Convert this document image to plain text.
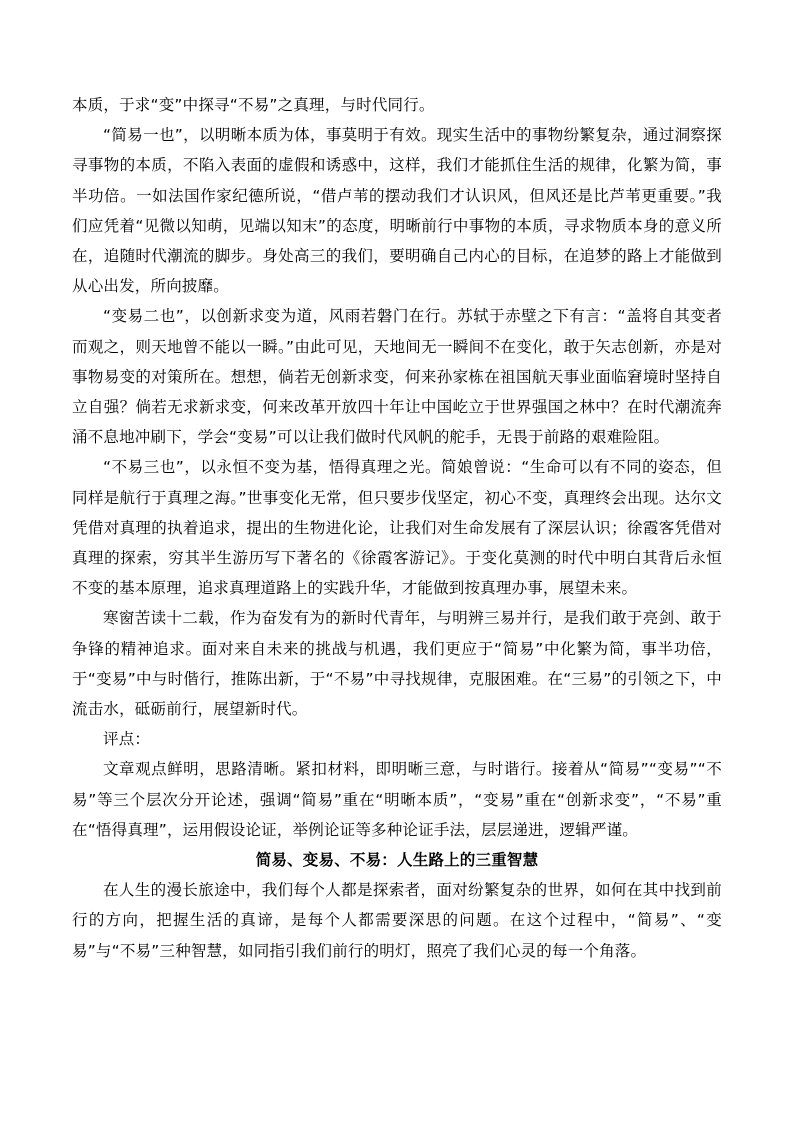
本质，于求“变”中探寻“不易”之真理，与时代同行。

“简易一也”，以明晰本质为体，事莫明于有效。现实生活中的事物纷繁复杂，通过洞察探寻事物的本质，不陷入表面的虚假和诱惑中，这样，我们才能抓住生活的规律，化繁为简，事半功倍。一如法国作家纪德所说，“借卢苇的摆动我们才认识风，但风还是比芦苇更重要。”我们应凭着“见微以知萌，见端以知末”的态度，明晰前行中事物的本质，寻求物质本身的意义所在，追随时代潮流的脚步。身处高三的我们，要明确自己内心的目标，在追梦的路上才能做到从心出发，所向披靡。

“变易二也”，以创新求变为道，风雨若磐门在行。苏轼于赤壁之下有言：“盖将自其变者而观之，则天地曾不能以一瞬。”由此可见，天地间无一瞬间不在变化，敢于矢志创新，亦是对事物易变的对策所在。想想，倘若无创新求变，何来孙家栋在祖国航天事业面临窘境时坚持自立自强？倘若无求新求变，何来改革开放四十年让中国屹立于世界强国之林中？在时代潮流奔涌不息地冲刷下，学会“变易”可以让我们做时代风帆的舵手，无畏于前路的艰难险阻。

“不易三也”，以永恒不变为基，悟得真理之光。简娘曾说：“生命可以有不同的姿态，但同样是航行于真理之海。”世事变化无常，但只要步伐坚定，初心不变，真理终会出现。达尔文凭借对真理的执着追求，提出的生物进化论，让我们对生命发展有了深层认识；徐霞客凭借对真理的探索，穷其半生游历写下著名的《徐霞客游记》。于变化莫测的时代中明白其背后永恒不变的基本原理，追求真理道路上的实践升华，才能做到按真理办事，展望未来。

寒窗苦读十二载，作为奋发有为的新时代青年，与明辨三易并行，是我们敢于亮剑、敢于争锋的精神追求。面对来自未来的挑战与机遇，我们更应于“简易”中化繁为简，事半功倍，于“变易”中与时偕行，推陈出新，于“不易”中寻找规律，克服困难。在“三易”的引领之下，中流击水，砥砺前行，展望新时代。

评点：

文章观点鲜明，思路清晰。紧扣材料，即明晰三意，与时谐行。接着从“简易”“变易”“不易”等三个层次分开论述，强调“简易”重在“明晰本质”，“变易”重在“创新求变”，“不易”重在“悟得真理”，运用假设论证，举例论证等多种论证手法，层层递进，逻辑严谨。

简易、变易、不易：人生路上的三重智慧

在人生的漫长旅途中，我们每个人都是探索者，面对纷繁复杂的世界，如何在其中找到前行的方向，把握生活的真谛，是每个人都需要深思的问题。在这个过程中，“简易”、“变易”与“不易”三种智慧，如同指引我们前行的明灯，照亮了我们心灵的每一个角落。
